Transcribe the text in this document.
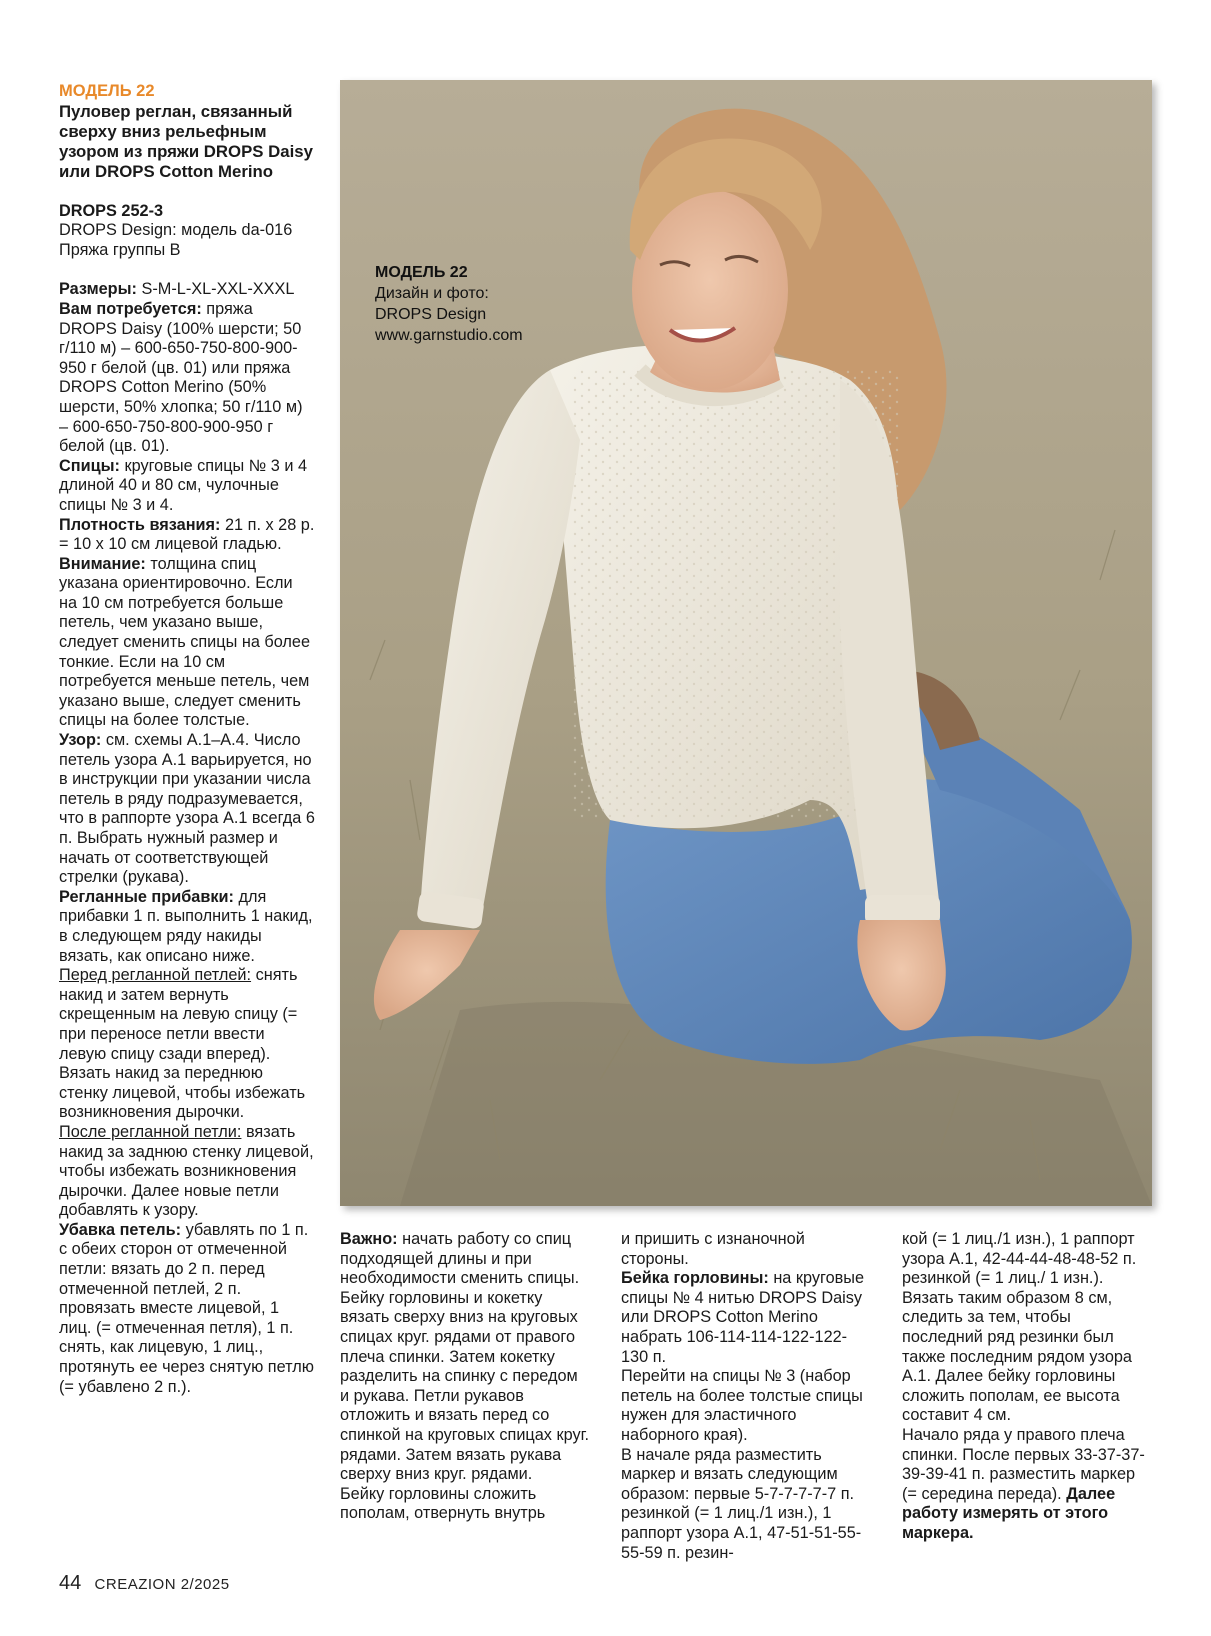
МОДЕЛЬ 22

Пуловер реглан, связанный сверху вниз рельефным узором из пряжи DROPS Daisy или DROPS Cotton Merino

DROPS 252-3

DROPS Design: модель da-016

Пряжа группы B

Размеры: S-M-L-XL-XXL-XXXL

Вам потребуется: пряжа DROPS Daisy (100% шерсти; 50 г/110 м) – 600-650-750-800-900-950 г белой (цв. 01) или пряжа DROPS Cotton Merino (50% шерсти, 50% хлопка; 50 г/110 м) – 600-650-750-800-900-950 г белой (цв. 01).

Спицы: круговые спицы № 3 и 4 длиной 40 и 80 см, чулочные спицы № 3 и 4.

Плотность вязания: 21 п. х 28 р. = 10 х 10 см лицевой гладью.

Внимание: толщина спиц указана ориентировочно. Если на 10 см потребуется больше петель, чем указано выше, следует сменить спицы на более тонкие. Если на 10 см потребуется меньше петель, чем указано выше, следует сменить спицы на более толстые.

Узор: см. схемы А.1–А.4. Число петель узора А.1 варьируется, но в инструкции при указании числа петель в ряду подразумевается, что в раппорте узора А.1 всегда 6 п. Выбрать нужный размер и начать от соответствующей стрелки (рукава).

Регланные прибавки: для прибавки 1 п. выполнить 1 накид, в следующем ряду накиды вязать, как описано ниже.

Перед регланной петлей: снять накид и затем вернуть скрещенным на левую спицу (= при переносе петли ввести левую спицу сзади вперед). Вязать накид за переднюю стенку лицевой, чтобы избежать возникновения дырочки.

После регланной петли: вязать накид за заднюю стенку лицевой, чтобы избежать возникновения дырочки. Далее новые петли добавлять к узору.

Убавка петель: убавлять по 1 п. с обеих сторон от отмеченной петли: вязать до 2 п. перед отмеченной петлей, 2 п. провязать вместе лицевой, 1 лиц. (= отмеченная петля), 1 п. снять, как лицевую, 1 лиц., протянуть ее через снятую петлю (= убавлено 2 п.).

МОДЕЛЬ 22
Дизайн и фото:
DROPS Design
www.garnstudio.com

Важно: начать работу со спиц подходящей длины и при необходимости сменить спицы.

Бейку горловины и кокетку вязать сверху вниз на круговых спицах круг. рядами от правого плеча спинки. Затем кокетку разделить на спинку с передом и рукава. Петли рукавов отложить и вязать перед со спинкой на круговых спицах круг. рядами. Затем вязать рукава сверху вниз круг. рядами.

Бейку горловины сложить пополам, отвернуть внутрь

и пришить с изнаночной стороны.

Бейка горловины: на круговые спицы № 4 нитью DROPS Daisy или DROPS Cotton Merino набрать 106-114-114-122-122-130 п.

Перейти на спицы № 3 (набор петель на более толстые спицы нужен для эластичного наборного края).

В начале ряда разместить маркер и вязать следующим образом: первые 5-7-7-7-7-7 п. резинкой (= 1 лиц./1 изн.), 1 раппорт узора А.1, 47-51-51-55-55-59 п. резин-

кой (= 1 лиц./1 изн.), 1 раппорт узора А.1, 42-44-44-48-48-52 п. резинкой (= 1 лиц./ 1 изн.).

Вязать таким образом 8 см, следить за тем, чтобы последний ряд резинки был также последним рядом узора А.1. Далее бейку горловины сложить пополам, ее высота составит 4 см.

Начало ряда у правого плеча спинки. После первых 33-37-37-39-39-41 п. разместить маркер (= середина переда). Далее работу измерять от этого маркера.

44 CREAZION 2/2025
